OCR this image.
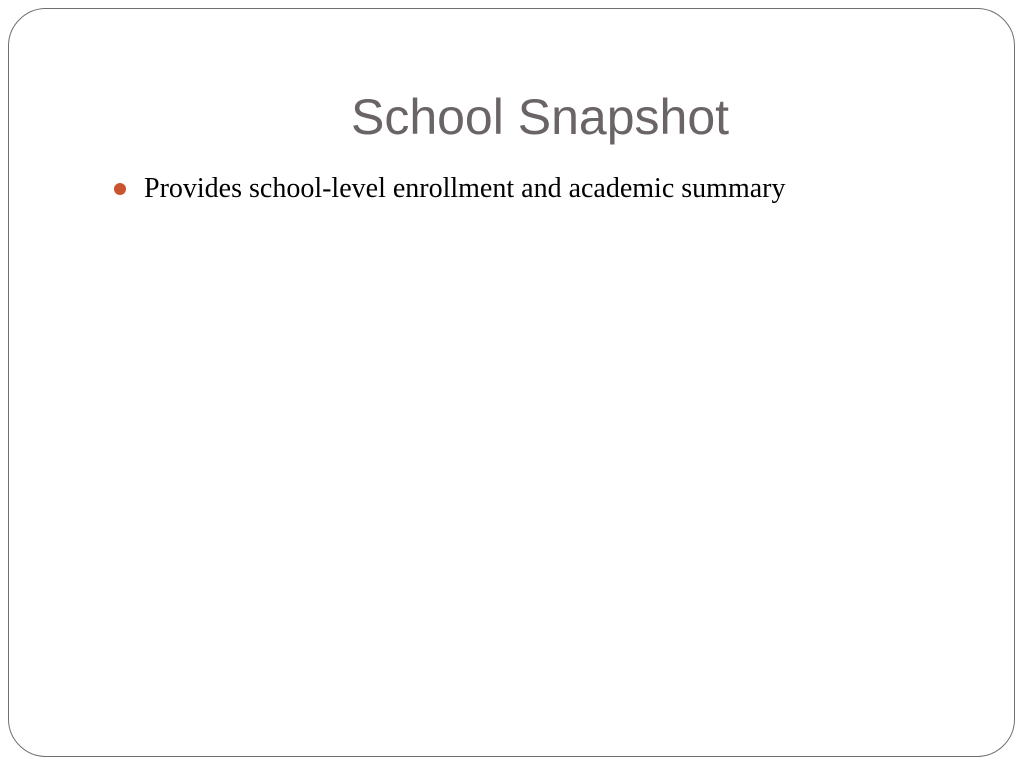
School Snapshot
Provides school-level enrollment and academic summary
